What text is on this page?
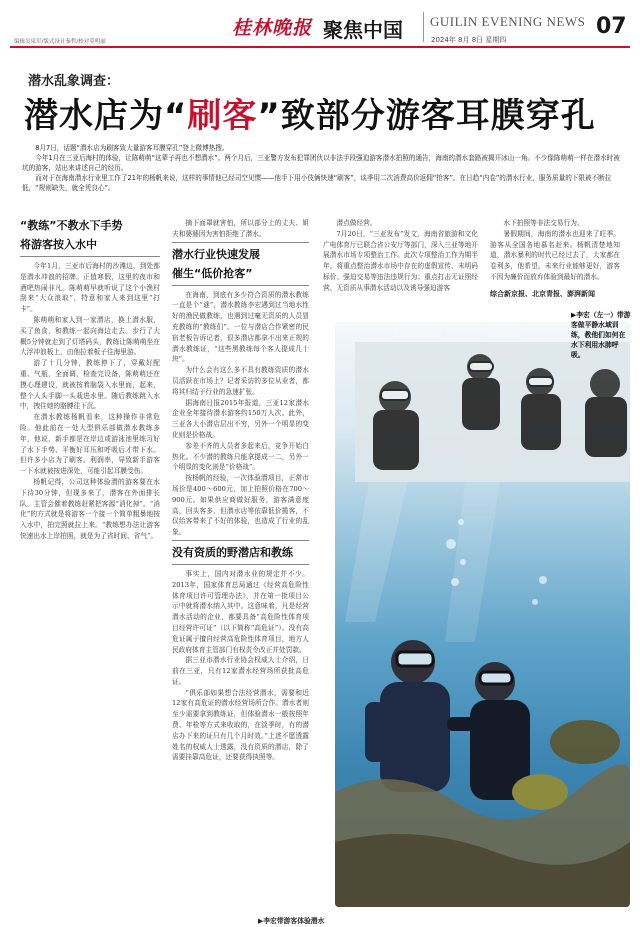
编辑吴泉军/版式设计秦哲/校对莫明丽
桂林晚报 聚焦中国 GUILIN EVENING NEWS
2024年 8月 8日 星期四
07
潜水乱象调查：
潜水店为“刷客”致部分游客耳膜穿孔

8月7日，话题“潜水店为刷客致大量游客耳膜穿孔”登上微博热搜。

今年1月在三亚后海村的体验，让陈萌萌“这辈子再也不想潜水”。两个月后，三亚警方发布犯罪团伙以非法手段强迫游客潜水拍照的通告，海南的潜水套路被揭开冰山一角。不少像陈萌萌一样在潜水时被坑的游客，站出来讲述自己的经历。

而对于在海南潜水行业里工作了21年的杨帆来说，这样的事情他已经司空见惯——他手下用小伎俩快速“刷客”，谈季用二次消费高价返佣“抢客”。在日趋“内卷”的潜水行业，服务质量的下限被不断拉低，“规则缺失，就全凭良心”。

“教练”不教水下手势
将游客按入水中

今年1月，三亚市后海村的沙滩边，到处都是潜水冲浪的招牌。正值寒假，这里的夜市和酒吧热闹非凡。陈萌萌早就听说了这个小渔村刮来“大众浪取”，特意和家人来到这里“打卡”。

陈萌萌和家人到一家潜店，换上潜水服，买了鱼食，和教练一起向海边走去。步行了大概5分钟就走到了灯塔码头，教练让陈萌萌坐在大浮冲浪板上，由他拉着板子往海里游。

游了十几分钟，教练停下了，穿戴好配重、气瓶，全面调，检查完设备，陈萌萌还在摸心理建设，就被按着脑袋入水里面，起来，整个人头手脚一头栽进水里。随后教练跳入水中，拽住她的胳膊往下沉。

在潜水教练杨帆看来，这种操作非常危险。他此前在一处大型俱乐部做潜水教练多年，他说，新手都是在岸边或游泳池里练习好了水下手势、平衡好耳压和呼吸后才带下水。但许多小店为了刷客、利润率，导致新手游客一下水就被按进深处，可能引起耳膜受伤。

杨帆记得，公司这种体验潜的游客要在水下待30分钟，但现多来了，潜客在外面排长队，主管会催着教练赶紧把客源“消化掉”。“消化”的方式就是将游客一个接一个简单粗暴地按入水中，拍完照就拉上来。“教练想办法让游客快速出水上岸拍照，就是为了省时间、省气”。

摘下面罩就害怕，所以部分上的丈夫、姐夫和婆婆因为害怕拒绝了潜水。

潜水行业快速发展
催生“低价抢客”

在海南，到底有多少符合资质的潜水教练一直是个“谜”，潜水教练李宏遇到过当地水性好的渔民做教练，也遇到过毫无资质的人员冒充教练的“教练们”。一位与潜店合作紧密的民宿老板告诉记者，很多潜店都拿不出来正规的潜水教练证，“这些黑教练每个客人提成几十块”。

为什么会有这么多不具有教练资质的潜水员活跃在市场上？记者采访的多位从业者，都将其归结于行业的急速扩张。

据海南日报2015年报道，三亚12家潜水企业全年接待潜水游客约150万人次。此外，三亚各大小潜店层出不穷，另外一个明显的变化则是价格战。

参差不齐的人员者多起来后，竞争开始白热化。不少潜的教练只能拿提成一二，另外一个明显的变化则是“价格战”。

按杨帆的经验，一次体验潜项目，正常市场价是400～600元，加上拍照价格在700～900元。如果供应商做好服务，游客满意度高，回头客多，但潜水店等依靠低价揽客，不仅给客带来了不好的体验，也造成了行业的乱象。

没有资质的野潜店和教练

事实上，国内对潜水业的规定并不少。2013年，国家体育总局通过《经营高危险性体育项目许可管理办法》，并在第一批项目公示中就将潜水纳入其中。这意味着，凡是经营潜水活动的企业，都要具备“高危险性体育项目经营许可证”（以下简称“高危证”）。没有高危证属于擅自经营高危险性体育项目，地方人民政府体育主管部门有权责令改正并处罚款。

据三亚市潜水行业协会权威人士介绍，日前在三亚，只有12家潜水经营场所获批高危证。

“俱乐部如果想合法经营潜水，需要和近12家有高危证的潜水经营场所合作。潜水者则至少需要拿到教练证，但体验潜水一般按照年费、年检等方式来收取的，在淡季时，有的潜店办下来的证只有几个月时效。”上述不愿透露姓名的权威人士透露，没有资质的潜店，除了需要挂靠高危证，还要获得执照等。

潜点做经营。

7月20日，“三亚发布”发文，海南省旅游和文化广电体育厅已联合省公安厅等部门，深入三亚等地开展潜水市场专项整治工作。此次专项整治工作为期半年，将重点整治潜水市场中存在的虚假宣传、未明码标价、强迫交易等违法违规行为；重点打击无证照经营、无资质从事潜水活动以及诱导强迫游客

水下拍照等非法交易行为。

暑假期间，海南的潜水也迎来了旺季。游客从全国各地慕名赶来。杨帆清楚地知道，潜水暴利的时代已经过去了，大家都在卷利多，他希望，未来行业能够更好，游客不因为廉价而放弃体验到最好的潜水。

综合新京报、北京青报、澎湃新闻
▶李宏（左一）带游客做平静水域训练，教他们如何在水下利用水肺呼吸。
▶李宏带游客体验潜水
